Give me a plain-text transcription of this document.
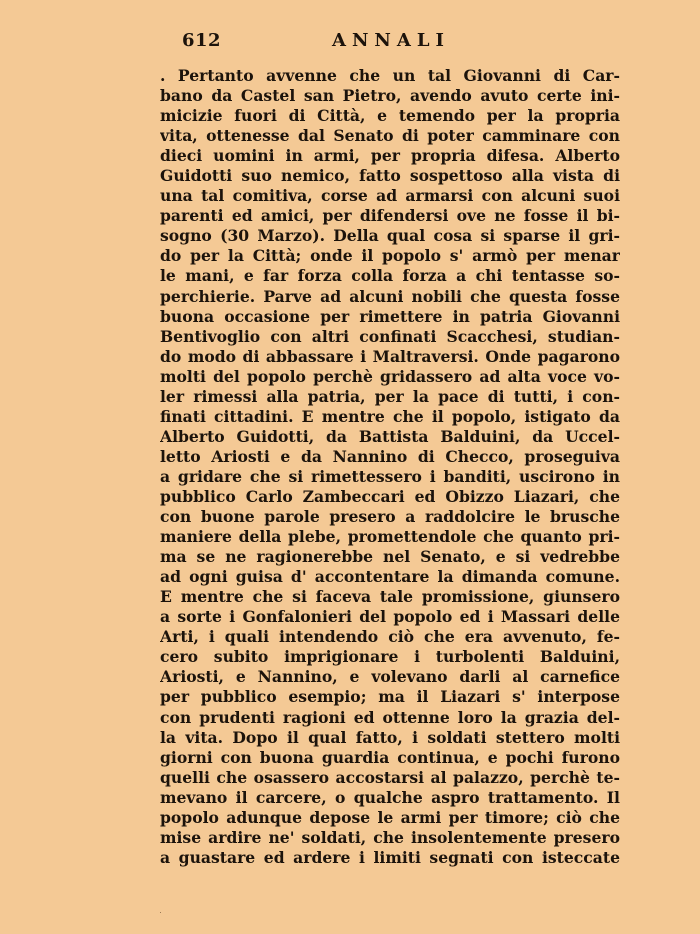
612	ANNALI
. Pertanto avvenne che un tal Giovanni di Car-
bano da Castel san Pietro, avendo avuto certe ini-
micizie fuori di Città, e temendo per la propria
vita, ottenesse dal Senato di poter camminare con
dieci uomini in armi, per propria difesa. Alberto
Guidotti suo nemico, fatto sospettoso alla vista di
una tal comitiva, corse ad armarsi con alcuni suoi
parenti ed amici, per difendersi ove ne fosse il bi-
sogno (30 Marzo). Della qual cosa si sparse il gri-
do per la Città; onde il popolo s' armò per menar
le mani, e far forza colla forza a chi tentasse so-
perchierie. Parve ad alcuni nobili che questa fosse
buona occasione per rimettere in patria Giovanni
Bentivoglio con altri confinati Scacchesi, studian-
do modo di abbassare i Maltraversi. Onde pagarono
molti del popolo perchè gridassero ad alta voce vo-
ler rimessi alla patria, per la pace di tutti, i con-
finati cittadini. E mentre che il popolo, istigato da
Alberto Guidotti, da Battista Balduini, da Uccel-
letto Ariosti e da Nannino di Checco, proseguiva
a gridare che si rimettessero i banditi, uscirono in
pubblico Carlo Zambeccari ed Obizzo Liazari, che
con buone parole presero a raddolcire le brusche
maniere della plebe, promettendole che quanto pri-
ma se ne ragionerebbe nel Senato, e si vedrebbe
ad ogni guisa d' accontentare la dimanda comune.
E mentre che si faceva tale promissione, giunsero
a sorte i Gonfalonieri del popolo ed i Massari delle
Arti, i quali intendendo ciò che era avvenuto, fe-
cero subito imprigionare i turbolenti Balduini,
Ariosti, e Nannino, e volevano darli al carnefice
per pubblico esempio; ma il Liazari s' interpose
con prudenti ragioni ed ottenne loro la grazia del-
la vita. Dopo il qual fatto, i soldati stettero molti
giorni con buona guardia continua, e pochi furono
quelli che osassero accostarsi al palazzo, perchè te-
mevano il carcere, o qualche aspro trattamento. Il
popolo adunque depose le armi per timore; ciò che
mise ardire ne' soldati, che insolentemente presero
a guastare ed ardere i limiti segnati con isteccate
